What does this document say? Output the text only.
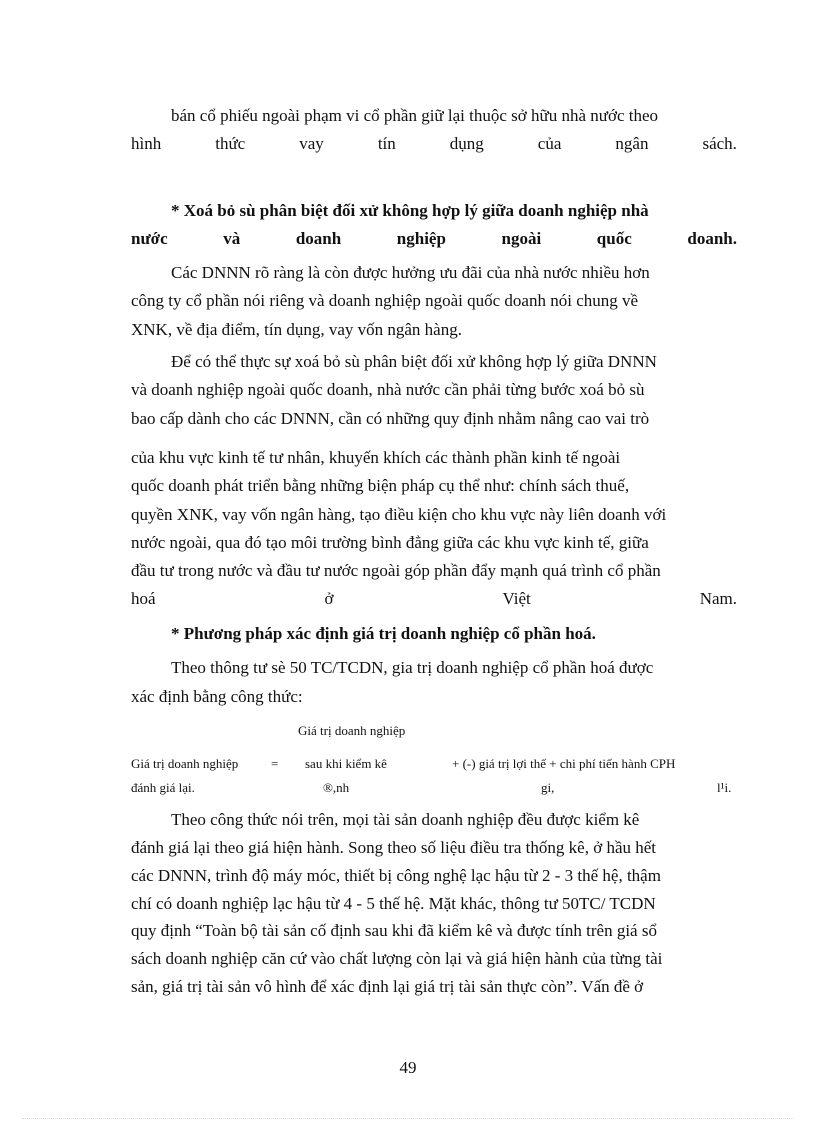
bán cổ phiếu ngoài phạm vi cổ phần giữ lại thuộc sở hữu nhà nước theo
hình	thức	vay	tín	dụng	của	ngân	sách.
* Xoá bỏ sù phân biệt đối xử không hợp lý giữa doanh nghiệp nhà
nước	và	doanh	nghiệp	ngoài	quốc	doanh.
Các DNNN rõ ràng là còn được hưởng ưu đãi của nhà nước nhiều hơn
công ty cổ phần nói riêng và doanh nghiệp ngoài quốc doanh nói chung về
XNK, về địa điểm, tín dụng, vay vốn ngân hàng.
Để có thể thực sự xoá bỏ sù phân biệt đối xử không hợp lý giữa DNNN
và doanh nghiệp ngoài quốc doanh, nhà nước cần phải từng bước xoá bỏ sù
bao cấp dành cho các DNNN, cần có những quy định nhằm nâng cao vai trò
của khu vực kinh tế tư nhân, khuyến khích các thành phần kinh tế ngoài
quốc doanh phát triển bằng những biện pháp cụ thể như: chính sách thuế,
quyền XNK, vay vốn ngân hàng, tạo điều kiện cho khu vực này liên doanh với
nước ngoài, qua đó tạo môi trường bình đẳng giữa các khu vực kinh tế, giữa
đầu tư trong nước và đầu tư nước ngoài góp phần đẩy mạnh quá trình cổ phần
hoá	ở	Việt	Nam.
* Phương pháp xác định giá trị doanh nghiệp cổ phần hoá.
Theo thông tư sè 50 TC/TCDN, gia trị doanh nghiệp cổ phần hoá được
xác định bằng công thức:
Giá trị doanh nghiệp
Giá trị doanh nghiệp	= sau khi kiểm kê	+ (-) giá trị lợi thế + chi phí tiến hành CPH
đánh giá lại.	®,nh	gi,	l¹i.
Theo công thức nói trên, mọi tài sản doanh nghiệp đều được kiểm kê
đánh giá lại theo giá hiện hành. Song theo số liệu điều tra thống kê, ở hầu hết
các DNNN, trình độ máy móc, thiết bị công nghệ lạc hậu từ 2 - 3 thế hệ, thậm
chí có doanh nghiệp lạc hậu từ 4 - 5 thế hệ. Mặt khác, thông tư 50TC/ TCDN
quy định “Toàn bộ tài sản cố định sau khi đã kiểm kê và được tính trên giá sổ
sách doanh nghiệp căn cứ vào chất lượng còn lại và giá hiện hành của từng tài
sản, giá trị tài sản vô hình để xác định lại giá trị tài sản thực còn”. Vấn đề ở
49
